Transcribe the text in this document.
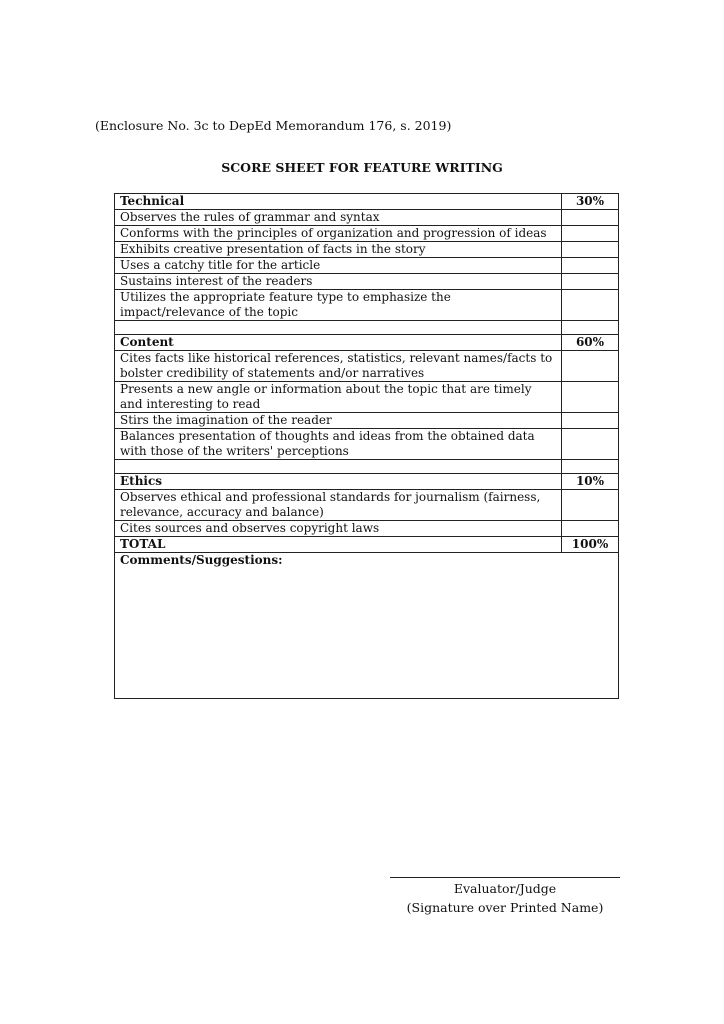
(Enclosure No. 3c to DepEd Memorandum 176, s. 2019)
SCORE SHEET FOR FEATURE WRITING
Technical	30%
Observes the rules of grammar and syntax	
Conforms with the principles of organization and progression of ideas	
Exhibits creative presentation of facts in the story	
Uses a catchy title for the article	
Sustains interest of the readers	
Utilizes the appropriate feature type to emphasize the impact/relevance of the topic	

Content	60%
Cites facts like historical references, statistics, relevant names/facts to bolster credibility of statements and/or narratives	
Presents a new angle or information about the topic that are timely and interesting to read	
Stirs the imagination of the reader	
Balances presentation of thoughts and ideas from the obtained data with those of the writers' perceptions	

Ethics	10%
Observes ethical and professional standards for journalism (fairness, relevance, accuracy and balance)	
Cites sources and observes copyright laws	
TOTAL	100%
Comments/Suggestions:	
Evaluator/Judge
(Signature over Printed Name)
